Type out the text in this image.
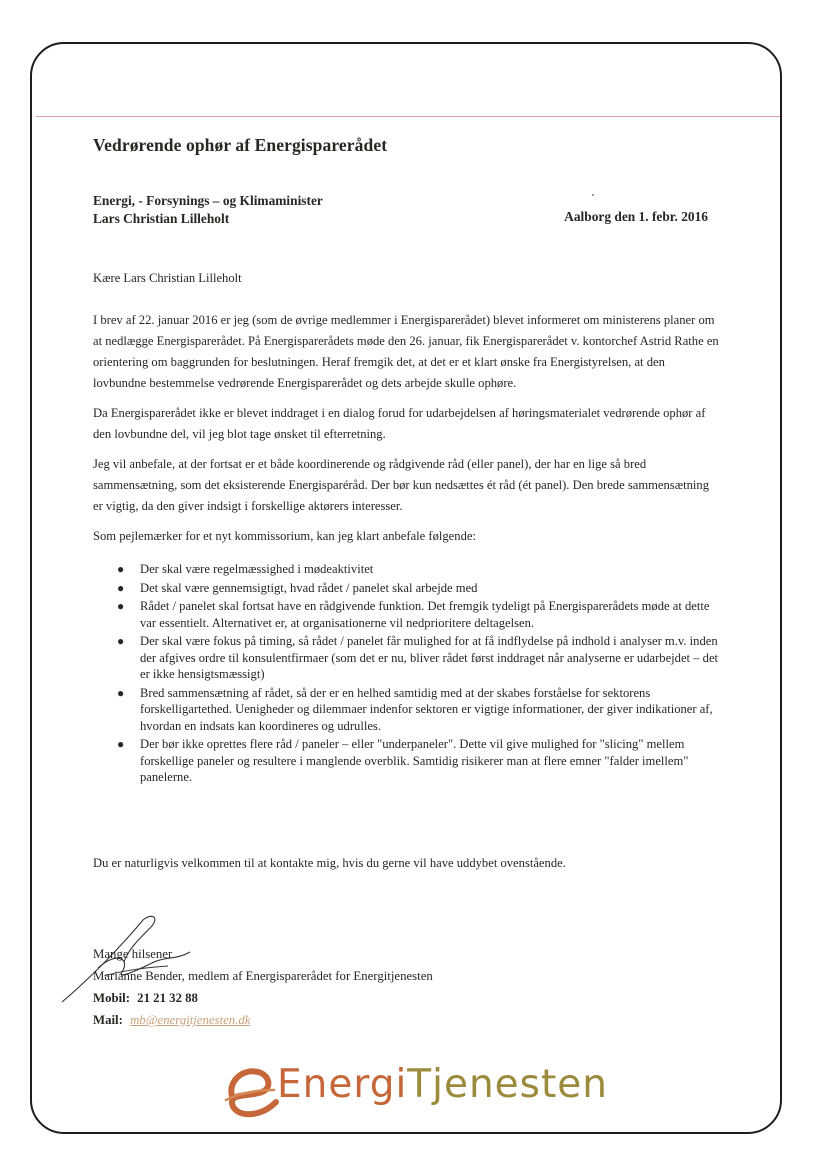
Vedrørende ophør af Energisparerådet
Energi, - Forsynings – og Klimaminister
Lars Christian Lilleholt	Aalborg den 1. febr. 2016

Kære Lars Christian Lilleholt

I brev af 22. januar 2016 er jeg (som de øvrige medlemmer i Energisparerådet) blevet informeret om ministerens planer om at nedlægge Energisparerådet. På Energisparerådets møde den 26. januar, fik Energisparerådet v. kontorchef Astrid Rathe en orientering om baggrunden for beslutningen. Heraf fremgik det, at det er et klart ønske fra Energistyrelsen, at den lovbundne bestemmelse vedrørende Energisparerådet og dets arbejde skulle ophøre.

Da Energisparerådet ikke er blevet inddraget i en dialog forud for udarbejdelsen af høringsmaterialet vedrørende ophør af den lovbundne del, vil jeg blot tage ønsket til efterretning.

Jeg vil anbefale, at der fortsat er et både koordinerende og rådgivende råd (eller panel), der har en lige så bred sammensætning, som det eksisterende Energisparéråd. Der bør kun nedsættes ét råd (ét panel). Den brede sammensætning er vigtig, da den giver indsigt i forskellige aktørers interesser.

Som pejlemærker for et nyt kommissorium, kan jeg klart anbefale følgende:

● Der skal være regelmæssighed i mødeaktivitet
● Det skal være gennemsigtigt, hvad rådet / panelet skal arbejde med
● Rådet / panelet skal fortsat have en rådgivende funktion. Det fremgik tydeligt på Energisparerådets møde at dette var essentielt. Alternativet er, at organisationerne vil nedprioritere deltagelsen.
● Der skal være fokus på timing, så rådet / panelet får mulighed for at få indflydelse på indhold i analyser m.v. inden der afgives ordre til konsulentfirmaer (som det er nu, bliver rådet først inddraget når analyserne er udarbejdet – det er ikke hensigtsmæssigt)
● Bred sammensætning af rådet, så der er en helhed samtidig med at der skabes forståelse for sektorens forskelligartethed. Uenigheder og dilemmaer indenfor sektoren er vigtige informationer, der giver indikationer af, hvordan en indsats kan koordineres og udrulles.
● Der bør ikke oprettes flere råd / paneler – eller "underpaneler". Dette vil give mulighed for "slicing" mellem forskellige paneler og resultere i manglende overblik. Samtidig risikerer man at flere emner "falder imellem" panelerne.
Du er naturligvis velkommen til at kontakte mig, hvis du gerne vil have uddybet ovenstående.
Mange hilsener
Marianne Bender, medlem af Energisparerådet for Energitjenesten
Mobil: 21 21 32 88
Mail: mb@energitjenesten.dk
EnergiTjenesten
